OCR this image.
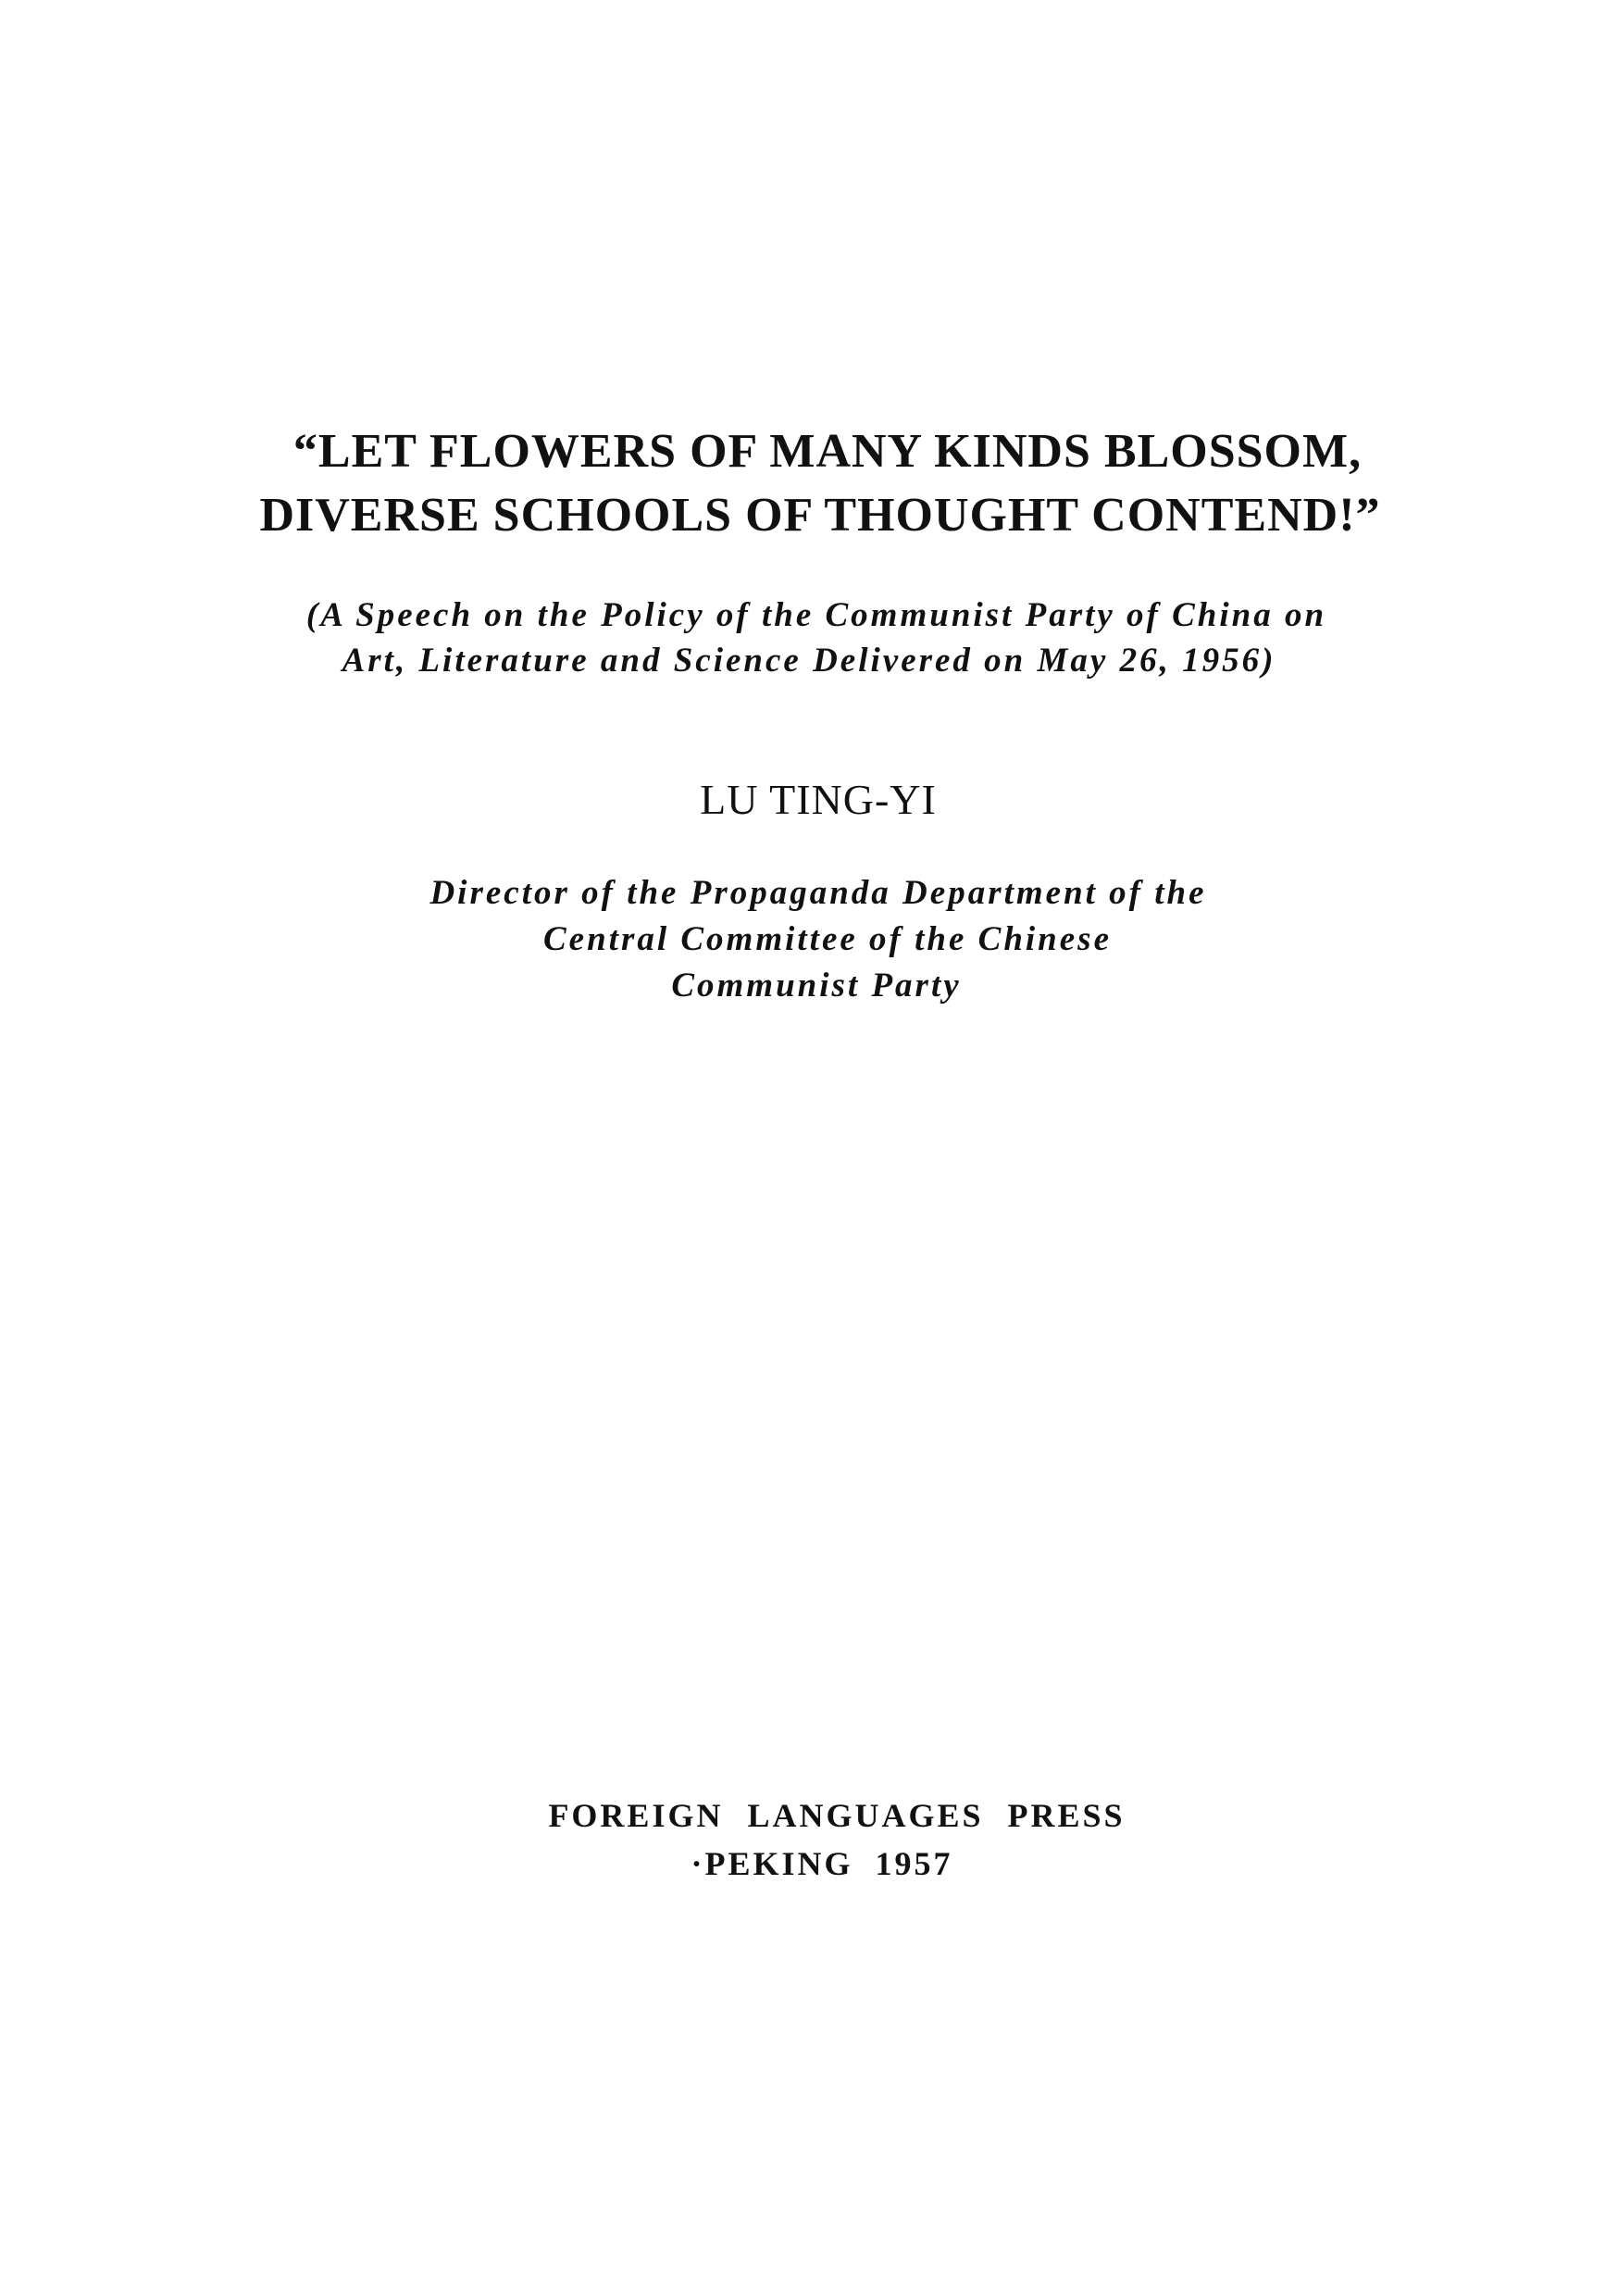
“LET FLOWERS OF MANY KINDS BLOSSOM,
DIVERSE SCHOOLS OF THOUGHT CONTEND!”
(A Speech on the Policy of the Communist Party of China on
Art, Literature and Science Delivered on May 26, 1956)
LU TING-YI
Director of the Propaganda Department of the
Central Committee of the Chinese
Communist Party
FOREIGN LANGUAGES PRESS
·PEKING 1957
